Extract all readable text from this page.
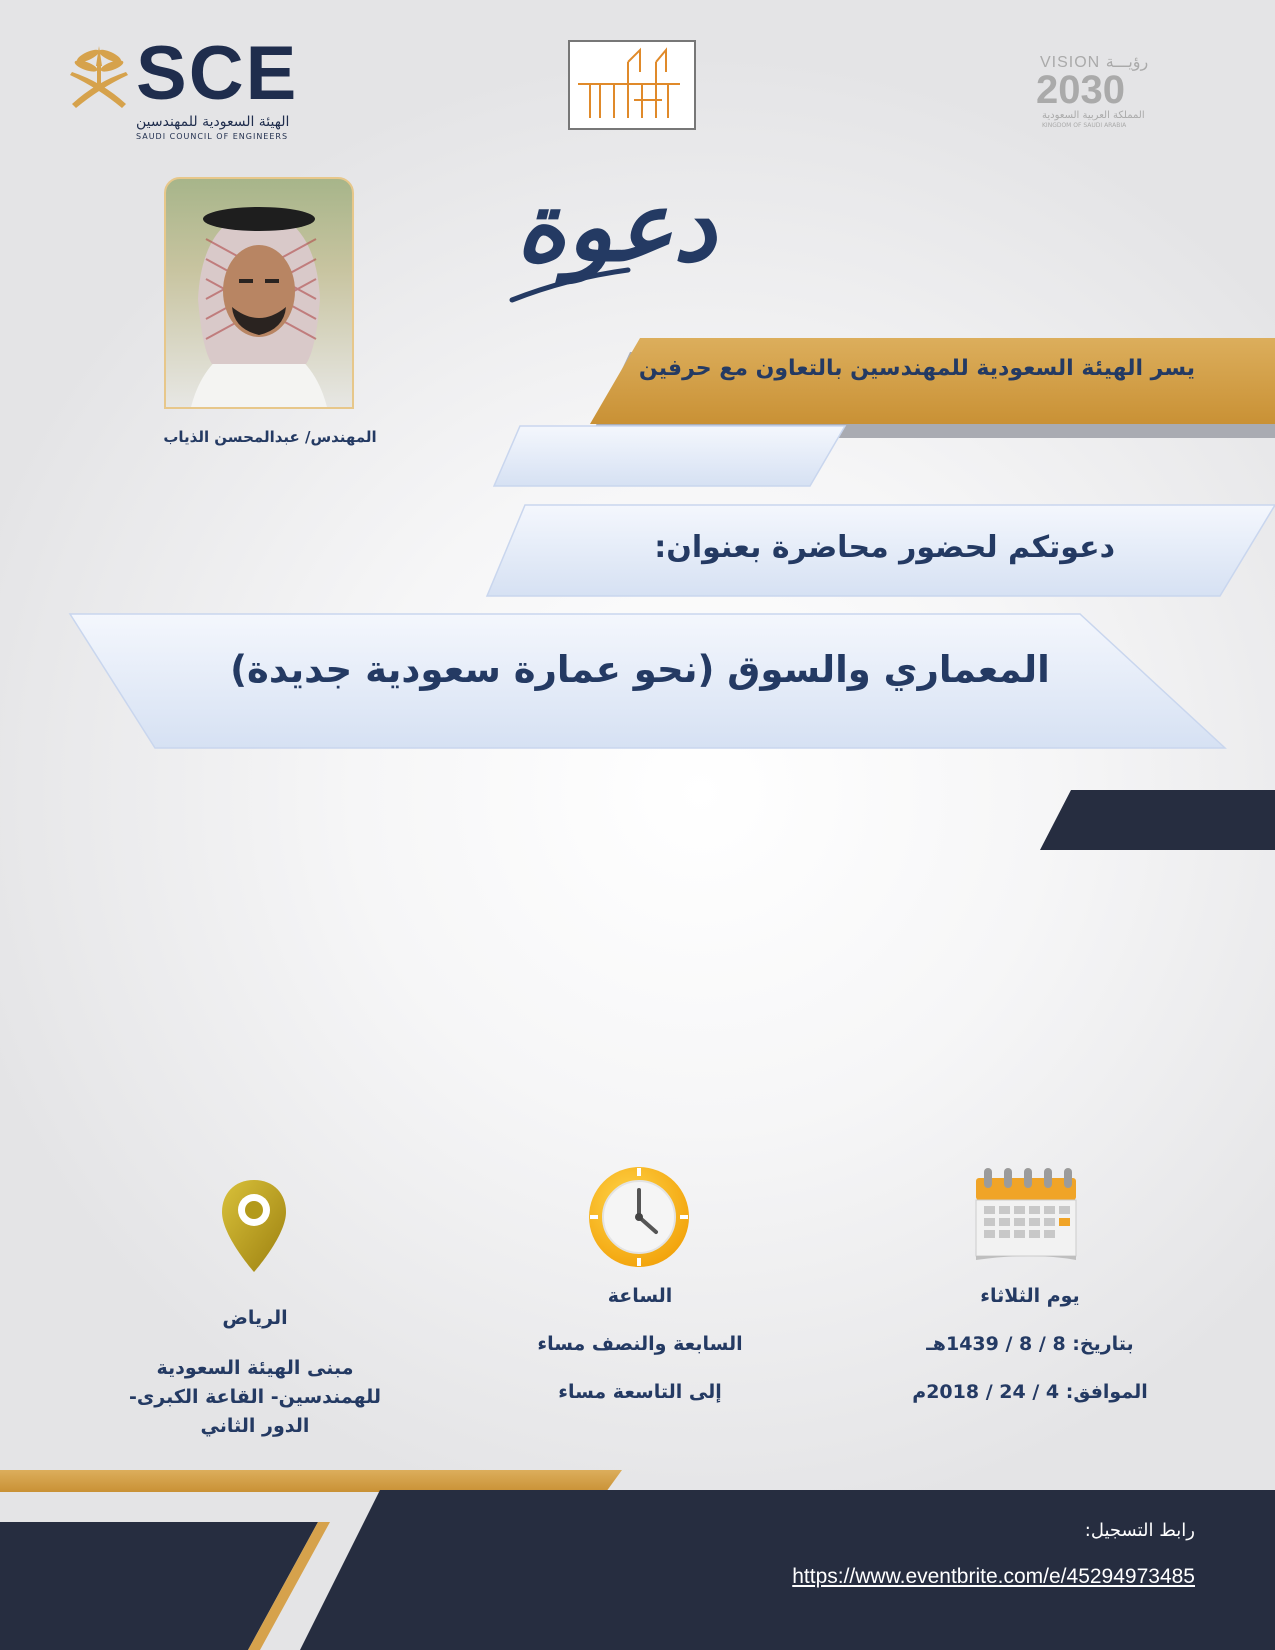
SCE
الهيئة السعودية للمهندسين
SAUDI COUNCIL OF ENGINEERS
VISION رؤيـــة
2030
المملكة العربية السعودية
KINGDOM OF SAUDI ARABIA
المهندس/ عبدالمحسن الذياب
دعوة
يسر الهيئة السعودية للمهندسين بالتعاون مع حرفين
دعوتكم لحضور محاضرة بعنوان:
المعماري والسوق (نحو عمارة سعودية جديدة)
الرياض
مبنى الهيئة السعودية
للهمندسين- القاعة الكبرى-
الدور الثاني
الساعة
السابعة والنصف مساء
إلى التاسعة مساء
يوم الثلاثاء
بتاريخ: 8 / 8 / 1439هـ
الموافق: 4 / 24 / 2018م
رابط التسجيل:
https://www.eventbrite.com/e/45294973485
